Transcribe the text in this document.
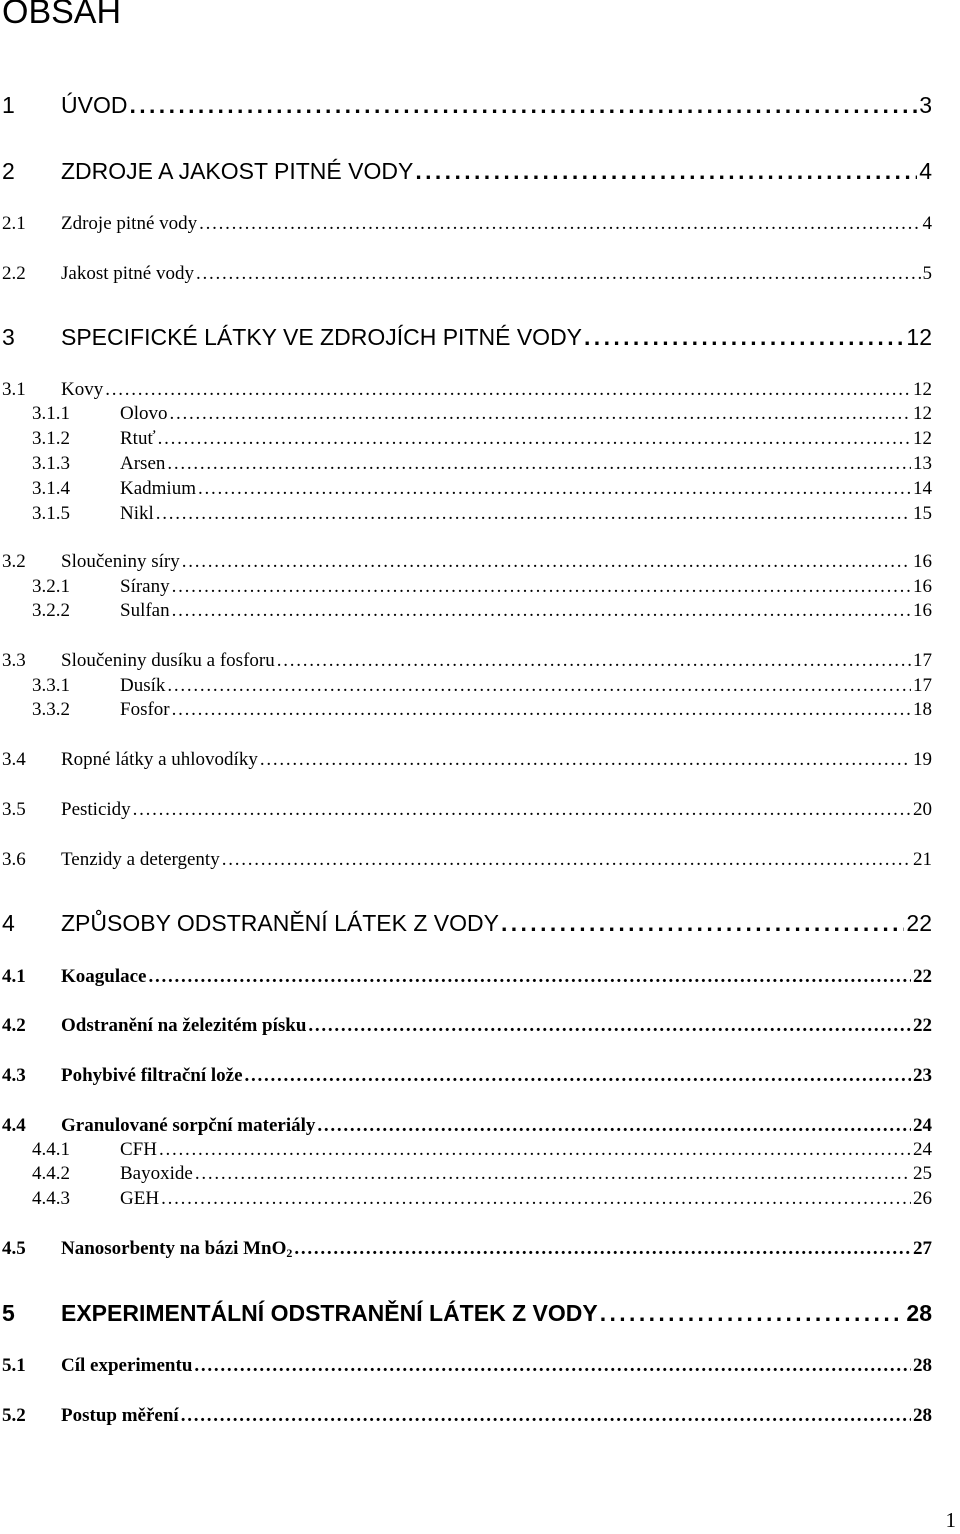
OBSAH
1	ÚVOD . . .	3
2	ZDROJE A JAKOST PITNÉ VODY . . .	4
2.1	Zdroje pitné vody . . .	4
2.2	Jakost pitné vody . . .	5
3	SPECIFICKÉ LÁTKY VE ZDROJÍCH PITNÉ VODY . . .	12
3.1	Kovy . . .	12
3.1.1	Olovo . . .	12
3.1.2	Rtuť . . .	12
3.1.3	Arsen . . .	13
3.1.4	Kadmium . . .	14
3.1.5	Nikl . . .	15
3.2	Sloučeniny síry . . .	16
3.2.1	Sírany . . .	16
3.2.2	Sulfan . . .	16
3.3	Sloučeniny dusíku a fosforu . . .	17
3.3.1	Dusík . . .	17
3.3.2	Fosfor . . .	18
3.4	Ropné látky a uhlovodíky . . .	19
3.5	Pesticidy . . .	20
3.6	Tenzidy a detergenty . . .	21
4	ZPŮSOBY ODSTRANĚNÍ LÁTEK Z VODY . . .	22
4.1	Koagulace . . .	22
4.2	Odstranění na železitém písku . . .	22
4.3	Pohybivé filtrační lože . . .	23
4.4	Granulované sorpční materiály . . .	24
4.4.1	CFH . . .	24
4.4.2	Bayoxide . . .	25
4.4.3	GEH . . .	26
4.5	Nanosorbenty na bázi MnO$_2$ . . .	27
5	EXPERIMENTÁLNÍ ODSTRANĚNÍ LÁTEK Z VODY . . .	28
5.1	Cíl experimentu . . .	28
5.2	Postup měření . . .	28
1
